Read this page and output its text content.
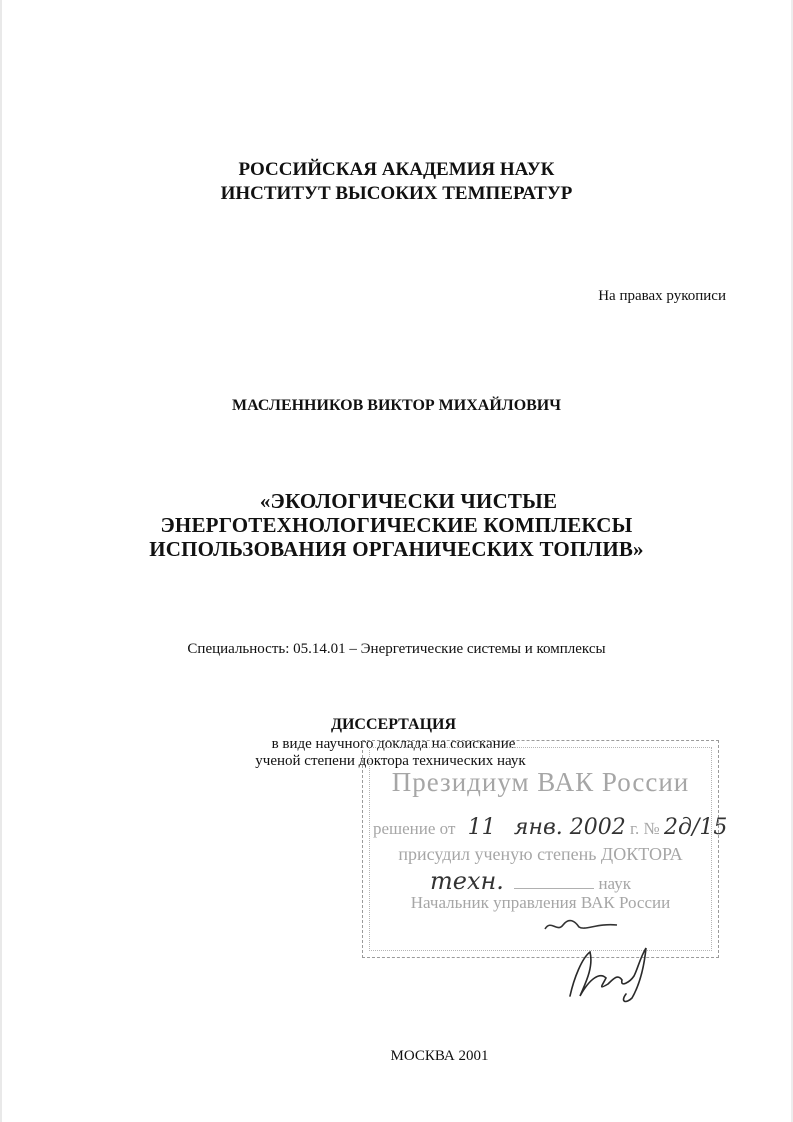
РОССИЙСКАЯ АКАДЕМИЯ НАУК
ИНСТИТУТ ВЫСОКИХ ТЕМПЕРАТУР
На правах рукописи
МАСЛЕННИКОВ ВИКТОР МИХАЙЛОВИЧ
«ЭКОЛОГИЧЕСКИ ЧИСТЫЕ
ЭНЕРГОТЕХНОЛОГИЧЕСКИЕ КОМПЛЕКСЫ
ИСПОЛЬЗОВАНИЯ ОРГАНИЧЕСКИХ ТОПЛИВ»
Специальность: 05.14.01 – Энергетические системы и комплексы
ДИССЕРТАЦИЯ
в виде научного доклада на соискание
ученой степени доктора технических наук
Президиум ВАК России
решение от 11 янв. 2002 г. № 2д/15
присудил ученую степень ДОКТОРА
техн.	наук
Начальник управления ВАК России
МОСКВА 2001
